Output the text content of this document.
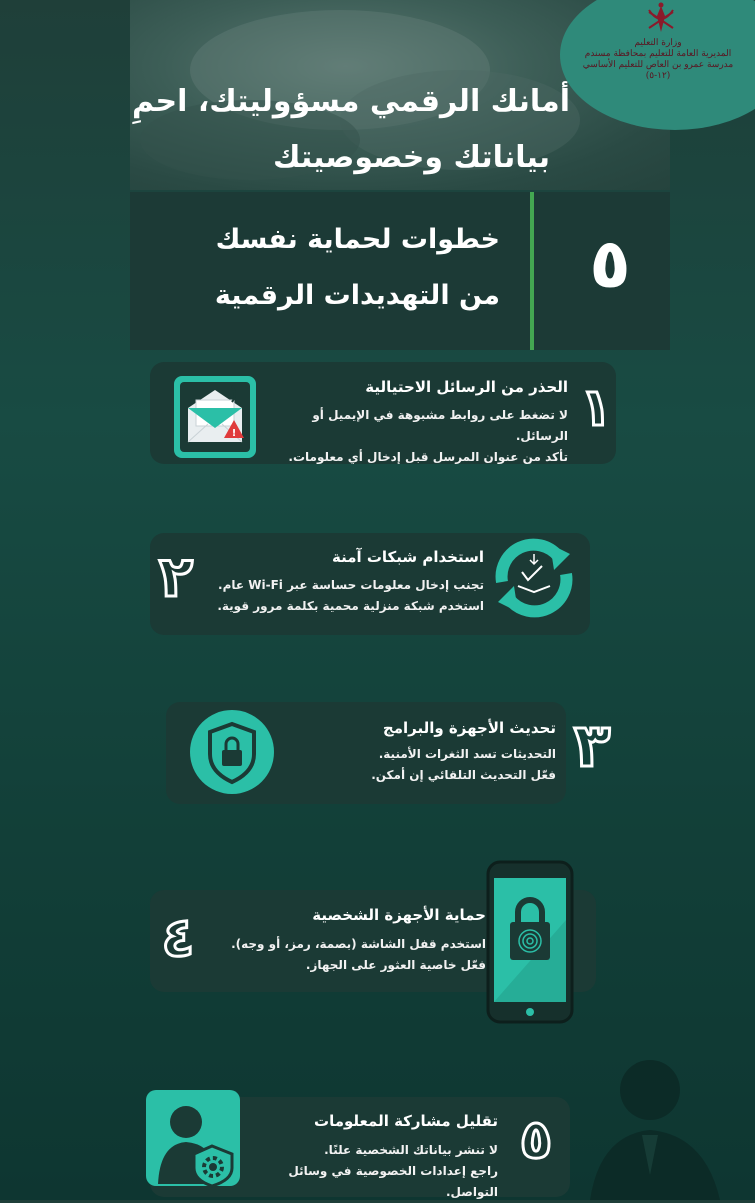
وزارة التعليم
المديرية العامة للتعليم بمحافظة مسندم
مدرسة عمرو بن العاص للتعليم الأساسي (١٢-٥)
أمانك الرقمي مسؤوليتك، احمِ
بياناتك وخصوصيتك
٥
خطوات لحماية نفسك
من التهديدات الرقمية
١
الحذر من الرسائل الاحتيالية
لا تضغط على روابط مشبوهة في الإيميل أو الرسائل.
تأكد من عنوان المرسل قبل إدخال أي معلومات.
!
٢	استخدام شبكات آمنة
تجنب إدخال معلومات حساسة عبر Wi-Fi عام.
استخدم شبكة منزلية محمية بكلمة مرور قوية.
٣
تحديث الأجهزة والبرامج
التحديثات تسد الثغرات الأمنية.
فعّل التحديث التلقائي إن أمكن.
٤	حماية الأجهزة الشخصية
استخدم قفل الشاشة (بصمة، رمز، أو وجه).
فعّل خاصية العثور على الجهاز.
٥
تقليل مشاركة المعلومات
لا تنشر بياناتك الشخصية علنًا.
راجع إعدادات الخصوصية في وسائل التواصل.
